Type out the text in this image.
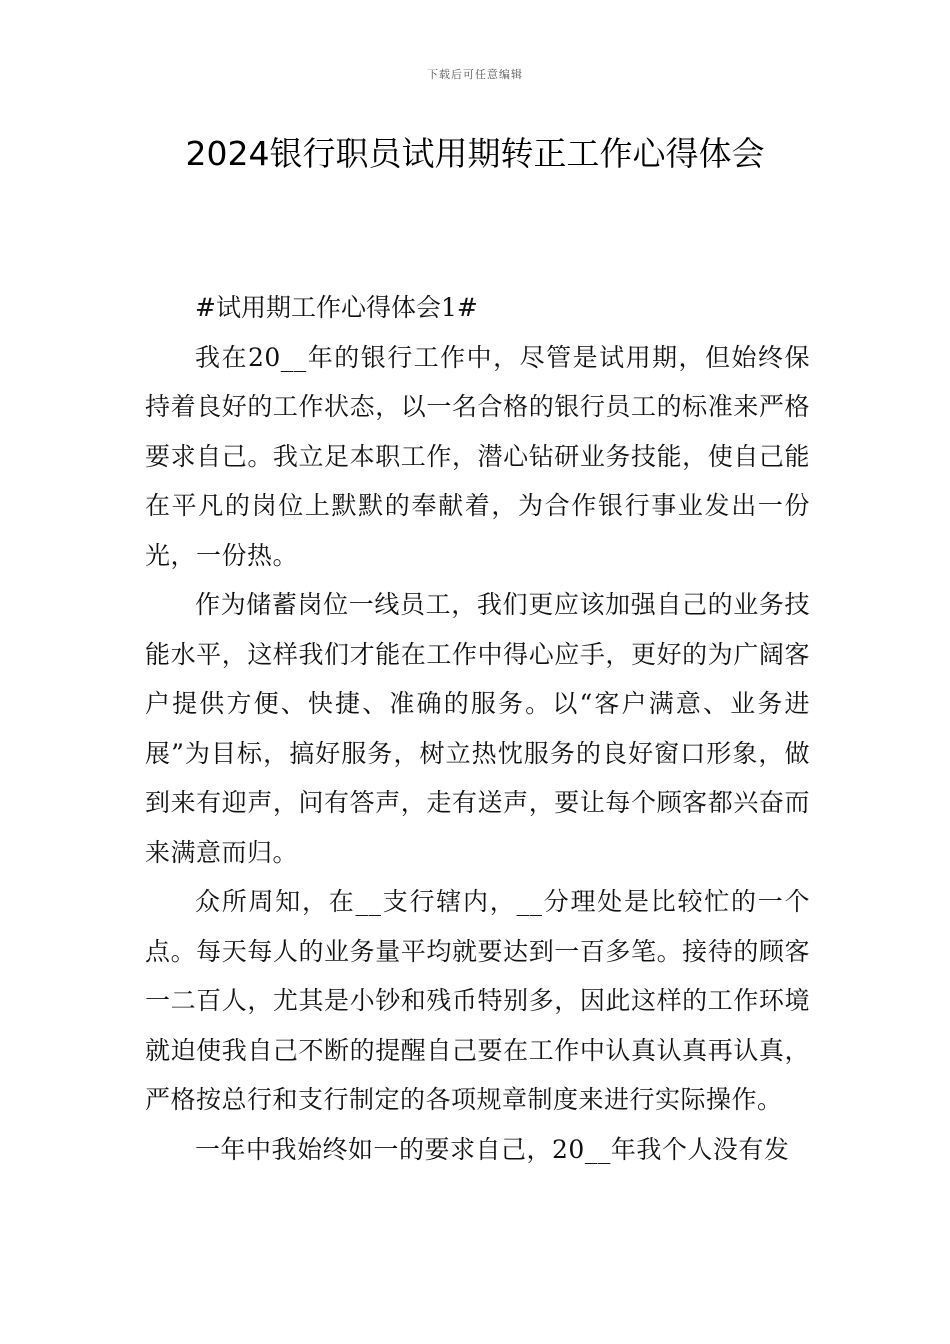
下载后可任意编辑
2024银行职员试用期转正工作心得体会

#试用期工作心得体会1#

我在20__年的银行工作中，尽管是试用期，但始终保持着良好的工作状态，以一名合格的银行员工的标准来严格要求自己。我立足本职工作，潜心钻研业务技能，使自己能在平凡的岗位上默默的奉献着，为合作银行事业发出一份光，一份热。

作为储蓄岗位一线员工，我们更应该加强自己的业务技能水平，这样我们才能在工作中得心应手，更好的为广阔客户提供方便、快捷、准确的服务。以“客户满意、业务进展”为目标，搞好服务，树立热忱服务的良好窗口形象，做到来有迎声，问有答声，走有送声，要让每个顾客都兴奋而来满意而归。

众所周知，在__支行辖内，__分理处是比较忙的一个点。每天每人的业务量平均就要达到一百多笔。接待的顾客一二百人，尤其是小钞和残币特别多，因此这样的工作环境就迫使我自己不断的提醒自己要在工作中认真认真再认真，严格按总行和支行制定的各项规章制度来进行实际操作。

一年中我始终如一的要求自己，20__年我个人没有发
